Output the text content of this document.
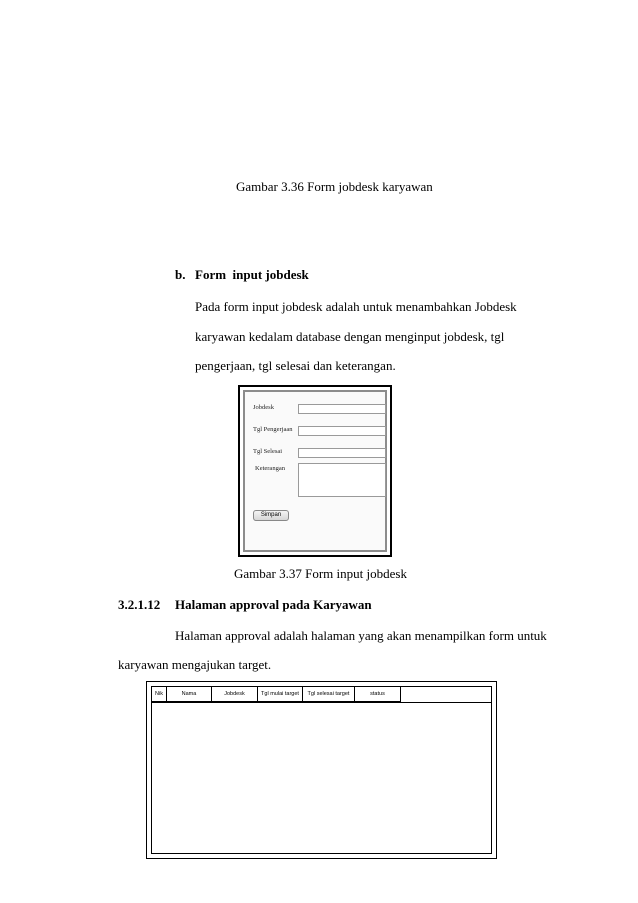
Gambar 3.36 Form jobdesk karyawan
b. Form  input jobdesk
Pada form input jobdesk adalah untuk menambahkan Jobdesk
karyawan kedalam database dengan menginput jobdesk, tgl
pengerjaan, tgl selesai dan keterangan.
Jobdesk
Tgl Pengerjaan
Tgl Selesai
Keterangan
Simpan
Gambar 3.37 Form input jobdesk
3.2.1.12 Halaman approval pada Karyawan
Halaman approval adalah halaman yang akan menampilkan form untuk
karyawan mengajukan target.
Nik	Nama	Jobdesk	Tgl mulai target	Tgl selesai target	status
